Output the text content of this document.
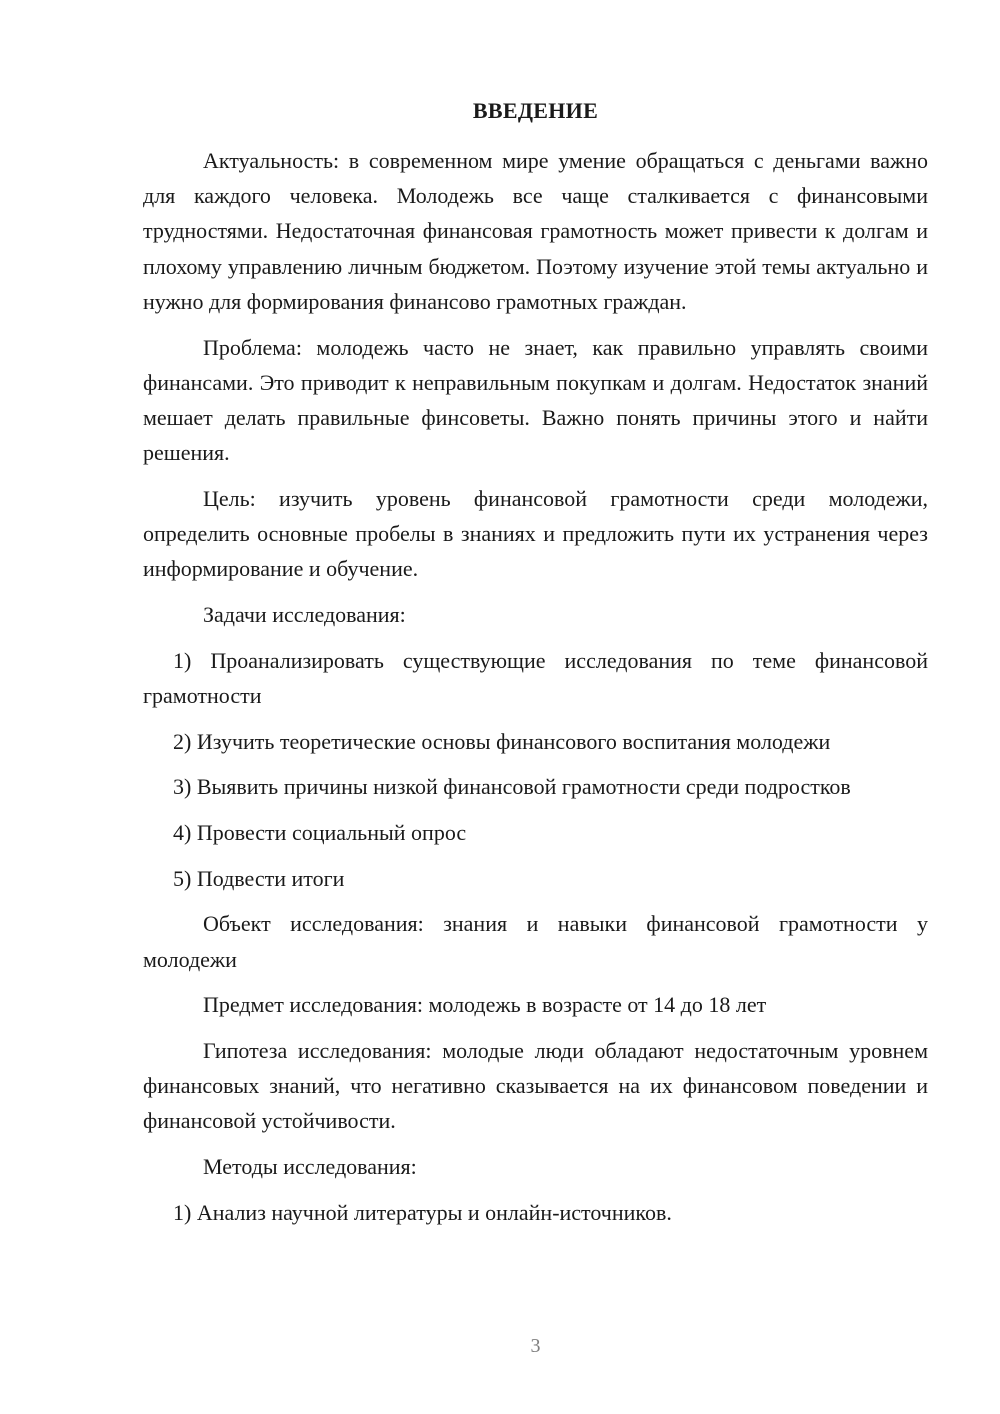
ВВЕДЕНИЕ

Актуальность: в современном мире умение обращаться с деньгами важно для каждого человека. Молодежь все чаще сталкивается с финансовыми трудностями. Недостаточная финансовая грамотность может привести к долгам и плохому управлению личным бюджетом. Поэтому изучение этой темы актуально и нужно для формирования финансово грамотных граждан.

Проблема: молодежь часто не знает, как правильно управлять своими финансами. Это приводит к неправильным покупкам и долгам. Недостаток знаний мешает делать правильные финсоветы. Важно понять причины этого и найти решения.

Цель: изучить уровень финансовой грамотности среди молодежи, определить основные пробелы в знаниях и предложить пути их устранения через информирование и обучение.

Задачи исследования:

1) Проанализировать существующие исследования по теме финансовой грамотности

2) Изучить теоретические основы финансового воспитания молодежи

3) Выявить причины низкой финансовой грамотности среди подростков

4) Провести социальный опрос

5) Подвести итоги

Объект исследования: знания и навыки финансовой грамотности у молодежи

Предмет исследования: молодежь в возрасте от 14 до 18 лет

Гипотеза исследования: молодые люди обладают недостаточным уровнем финансовых знаний, что негативно сказывается на их финансовом поведении и финансовой устойчивости.

Методы исследования:

1) Анализ научной литературы и онлайн-источников.

3
